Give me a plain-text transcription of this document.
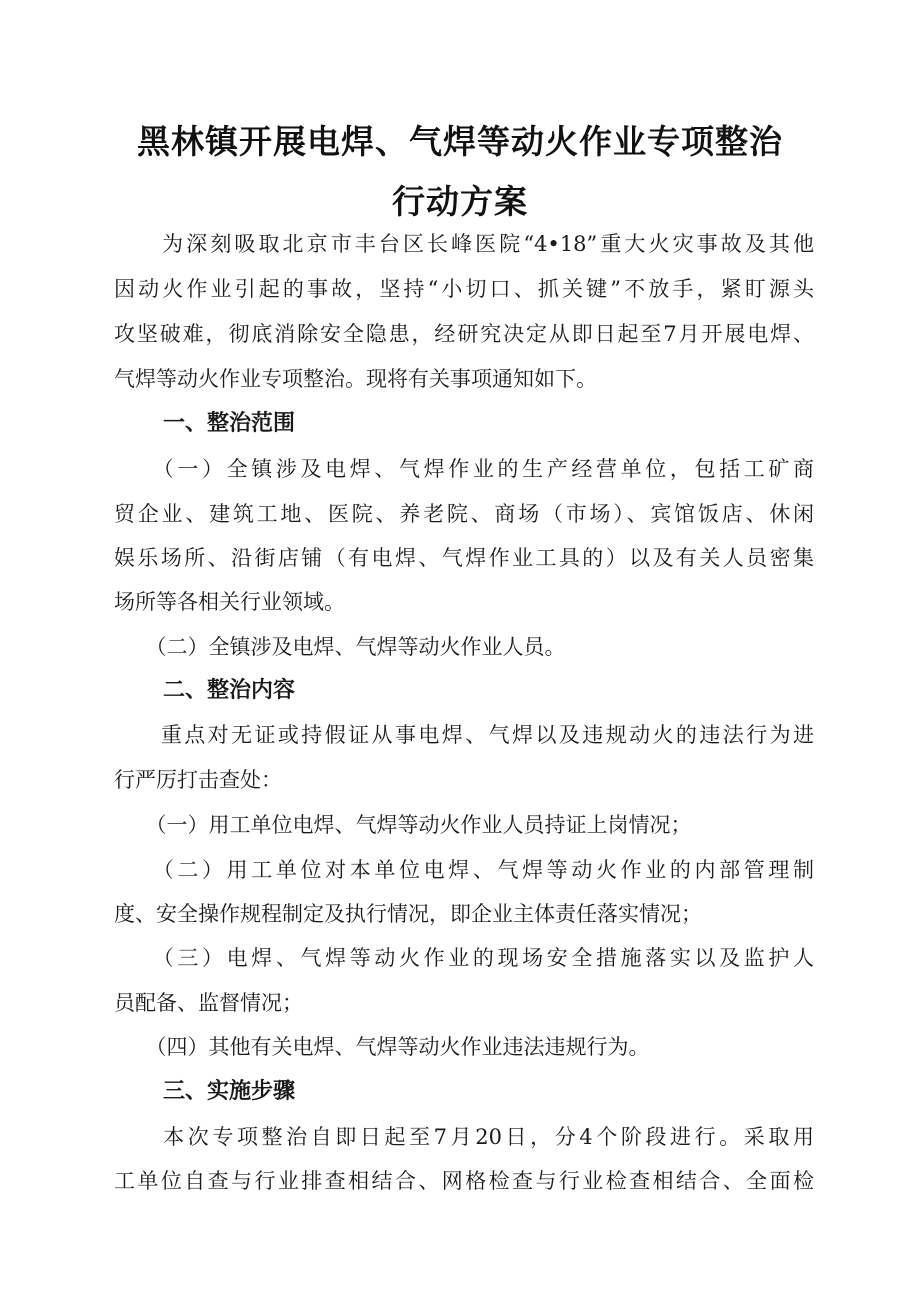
黑林镇开展电焊、气焊等动火作业专项整治
行动方案
　　为深刻吸取北京市丰台区长峰医院“4•18”重大火灾事故及其他
因动火作业引起的事故，坚持“小切口、抓关键”不放手，紧盯源头
攻坚破难，彻底消除安全隐患，经研究决定从即日起至7月开展电焊、
气焊等动火作业专项整治。现将有关事项通知如下。
一、整治范围
　　（一）全镇涉及电焊、气焊作业的生产经营单位，包括工矿商
贸企业、建筑工地、医院、养老院、商场（市场）、宾馆饭店、休闲
娱乐场所、沿街店铺（有电焊、气焊作业工具的）以及有关人员密集
场所等各相关行业领域。
　　（二）全镇涉及电焊、气焊等动火作业人员。
二、整治内容
　　重点对无证或持假证从事电焊、气焊以及违规动火的违法行为进
行严厉打击查处：
　　（一）用工单位电焊、气焊等动火作业人员持证上岗情况；
　　（二）用工单位对本单位电焊、气焊等动火作业的内部管理制
度、安全操作规程制定及执行情况，即企业主体责任落实情况；
　　（三）电焊、气焊等动火作业的现场安全措施落实以及监护人
员配备、监督情况；
　　（四）其他有关电焊、气焊等动火作业违法违规行为。
三、实施步骤
　　本次专项整治自即日起至7月20日，分4个阶段进行。采取用
工单位自查与行业排查相结合、网格检查与行业检查相结合、全面检
